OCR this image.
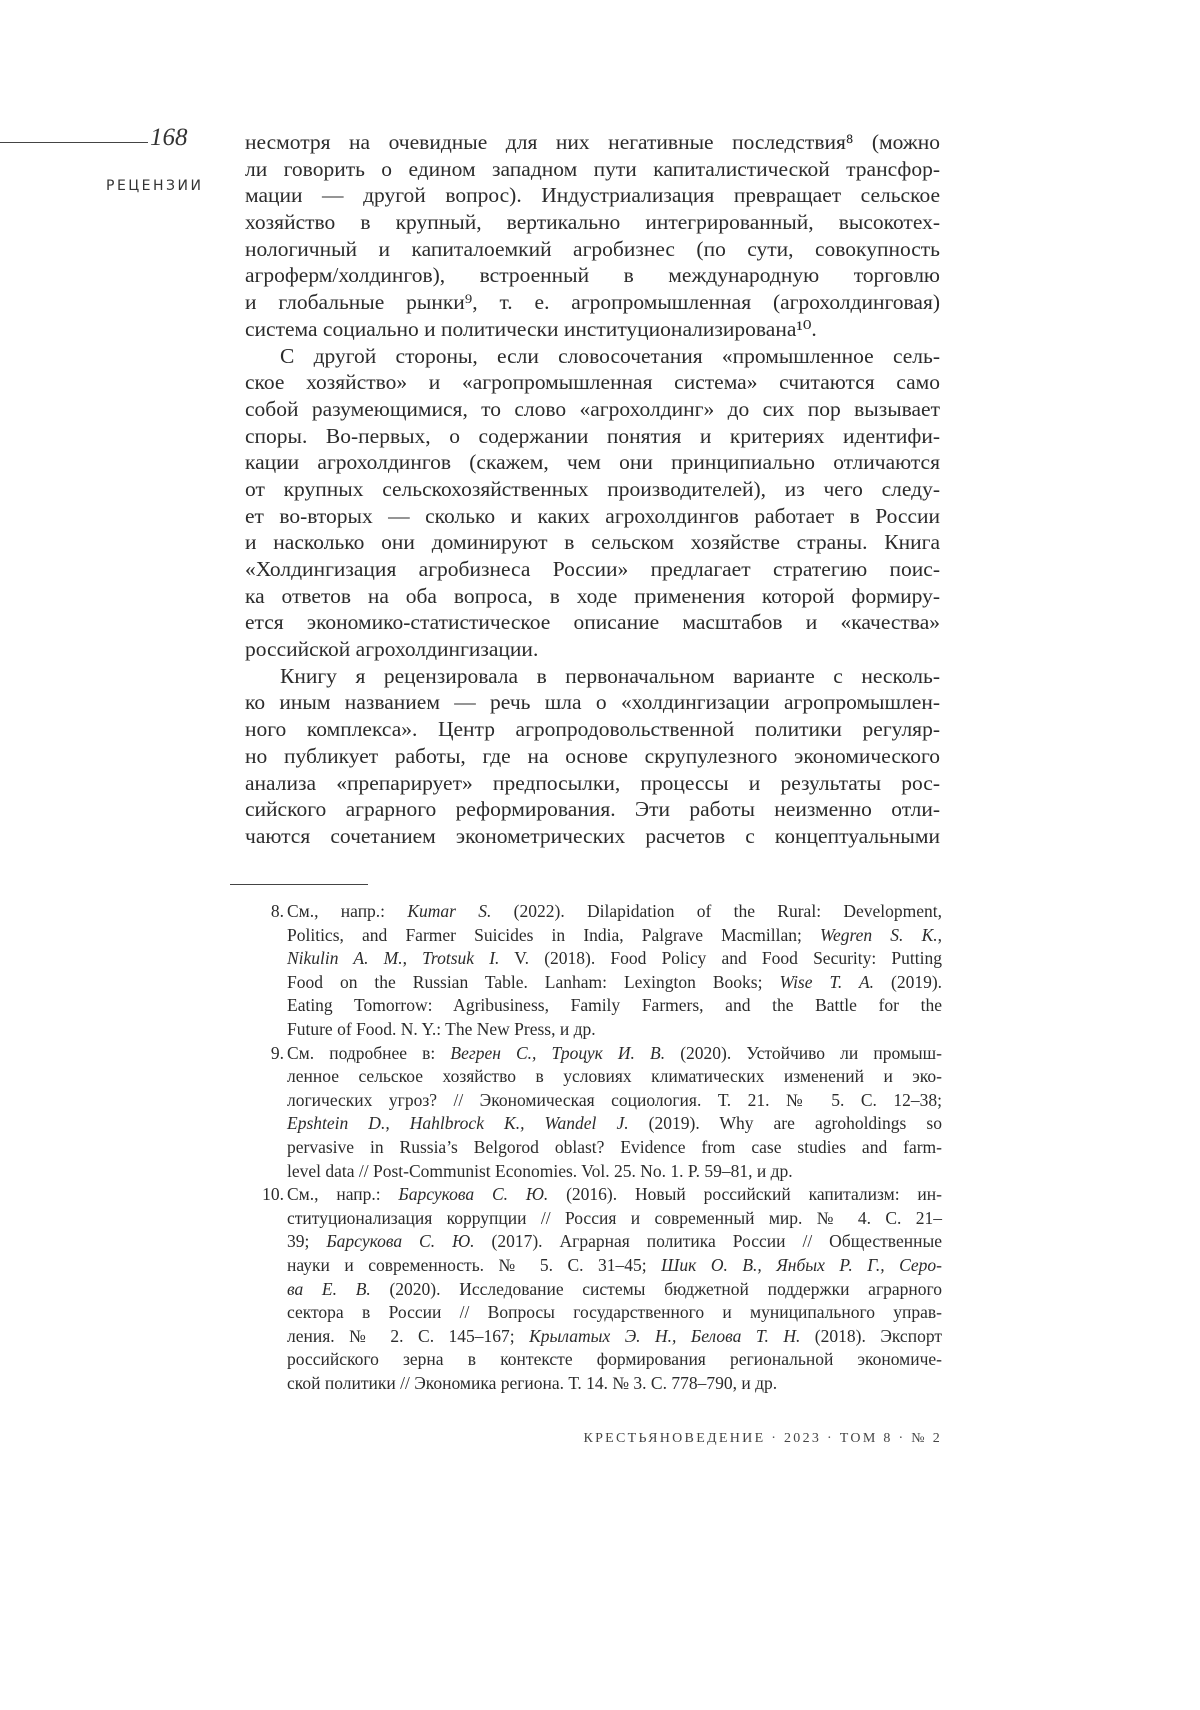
168
РЕЦЕНЗИИ
несмотря на очевидные для них негативные последствия⁸ (можно
ли говорить о едином западном пути капиталистической трансфор-
мации — другой вопрос). Индустриализация превращает сельское
хозяйство в крупный, вертикально интегрированный, высокотех-
нологичный и капиталоемкий агробизнес (по сути, совокупность
агроферм/холдингов), встроенный в международную торговлю
и глобальные рынки⁹, т. е. агропромышленная (агрохолдинговая)
система социально и политически институционализирована¹⁰.
С другой стороны, если словосочетания «промышленное сель-
ское хозяйство» и «агропромышленная система» считаются само
собой разумеющимися, то слово «агрохолдинг» до сих пор вызывает
споры. Во-первых, о содержании понятия и критериях идентифи-
кации агрохолдингов (скажем, чем они принципиально отличаются
от крупных сельскохозяйственных производителей), из чего следу-
ет во-вторых — сколько и каких агрохолдингов работает в России
и насколько они доминируют в сельском хозяйстве страны. Книга
«Холдингизация агробизнеса России» предлагает стратегию поис-
ка ответов на оба вопроса, в ходе применения которой формиру-
ется экономико-статистическое описание масштабов и «качества»
российской агрохолдингизации.
Книгу я рецензировала в первоначальном варианте с несколь-
ко иным названием — речь шла о «холдингизации агропромышлен-
ного комплекса». Центр агропродовольственной политики регуляр-
но публикует работы, где на основе скрупулезного экономического
анализа «препарирует» предпосылки, процессы и результаты рос-
сийского аграрного реформирования. Эти работы неизменно отли-
чаются сочетанием эконометрических расчетов с концептуальными
8. См., напр.: Kumar S. (2022). Dilapidation of the Rural: Development,
Politics, and Farmer Suicides in India, Palgrave Macmillan; Wegren S. K.,
Nikulin A. M., Trotsuk I. V. (2018). Food Policy and Food Security: Putting
Food on the Russian Table. Lanham: Lexington Books; Wise T. A. (2019).
Eating Tomorrow: Agribusiness, Family Farmers, and the Battle for the
Future of Food. N. Y.: The New Press, и др.
9. См. подробнее в: Вегрен С., Троцук И. В. (2020). Устойчиво ли промыш-
ленное сельское хозяйство в условиях климатических изменений и эко-
логических угроз? // Экономическая социология. Т. 21. № 5. С. 12–38;
Epshtein D., Hahlbrock K., Wandel J. (2019). Why are agroholdings so
pervasive in Russia’s Belgorod oblast? Evidence from case studies and farm-
level data // Post-Communist Economies. Vol. 25. No. 1. P. 59–81, и др.
10. См., напр.: Барсукова С. Ю. (2016). Новый российский капитализм: ин-
ституционализация коррупции // Россия и современный мир. № 4. С. 21–
39; Барсукова С. Ю. (2017). Аграрная политика России // Общественные
науки и современность. № 5. С. 31–45; Шик О. В., Янбых Р. Г., Серо-
ва Е. В. (2020). Исследование системы бюджетной поддержки аграрного
сектора в России // Вопросы государственного и муниципального управ-
ления. № 2. С. 145–167; Крылатых Э. Н., Белова Т. Н. (2018). Экспорт
российского зерна в контексте формирования региональной экономиче-
ской политики // Экономика региона. Т. 14. № 3. С. 778–790, и др.
КРЕСТЬЯНОВЕДЕНИЕ · 2023 · ТОМ 8 · № 2
